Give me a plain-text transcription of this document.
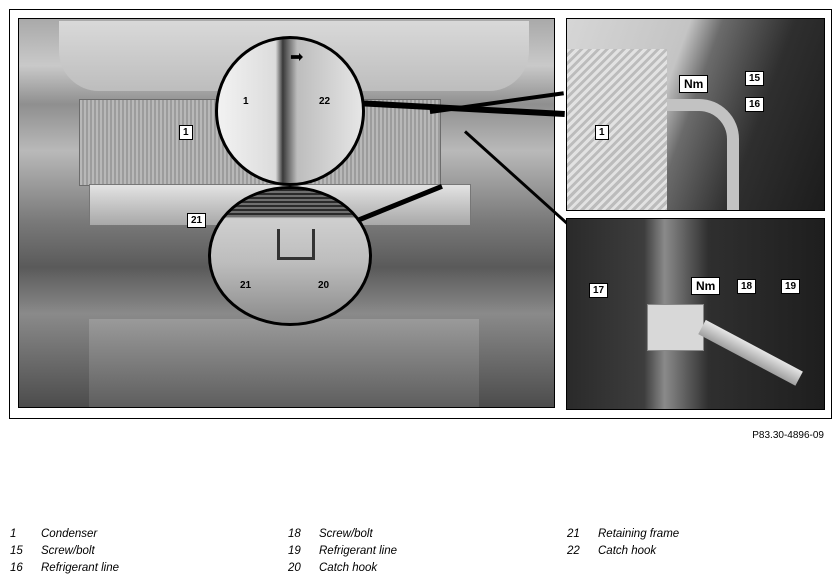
1
21
➡
1	22
21	20
Nm	15
16
1
17	Nm	18	19
P83.30-4896-09
1 Condenser
15 Screw/bolt
16 Refrigerant line
18 Screw/bolt
19 Refrigerant line
20 Catch hook
21 Retaining frame
22 Catch hook
